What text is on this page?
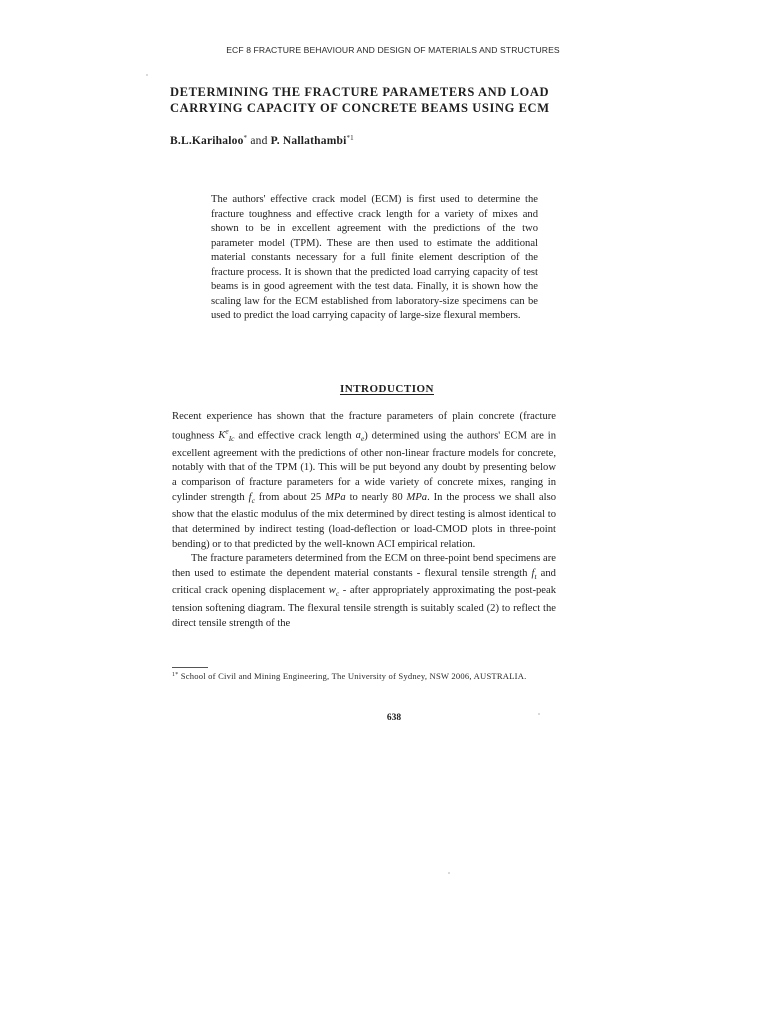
ECF 8 FRACTURE BEHAVIOUR AND DESIGN OF MATERIALS AND STRUCTURES
DETERMINING THE FRACTURE PARAMETERS AND LOAD CARRYING CAPACITY OF CONCRETE BEAMS USING ECM
B.L.Karihaloo* and P. Nallathambi$^{*1}$
The authors' effective crack model (ECM) is first used to determine the fracture toughness and effective crack length for a variety of mixes and shown to be in excellent agreement with the predictions of the two parameter model (TPM). These are then used to estimate the additional material constants necessary for a full finite element description of the fracture process. It is shown that the predicted load carrying capacity of test beams is in good agreement with the test data. Finally, it is shown how the scaling law for the ECM established from laboratory-size specimens can be used to predict the load carrying capacity of large-size flexural members.
INTRODUCTION

Recent experience has shown that the fracture parameters of plain concrete (fracture toughness $K^e_{Ic}$ and effective crack length $a_e$) determined using the authors' ECM are in excellent agreement with the predictions of other non-linear fracture models for concrete, notably with that of the TPM (1). This will be put beyond any doubt by presenting below a comparison of fracture parameters for a wide variety of concrete mixes, ranging in cylinder strength $f_c$ from about 25 MPa to nearly 80 MPa. In the process we shall also show that the elastic modulus of the mix determined by direct testing is almost identical to that determined by indirect testing (load-deflection or load-CMOD plots in three-point bending) or to that predicted by the well-known ACI empirical relation.

The fracture parameters determined from the ECM on three-point bend specimens are then used to estimate the dependent material constants - flexural tensile strength $f_t$ and critical crack opening displacement $w_c$ - after appropriately approximating the post-peak tension softening diagram. The flexural tensile strength is suitably scaled (2) to reflect the direct tensile strength of the

$^{1*}$ School of Civil and Mining Engineering, The University of Sydney, NSW 2006, AUSTRALIA.
638
